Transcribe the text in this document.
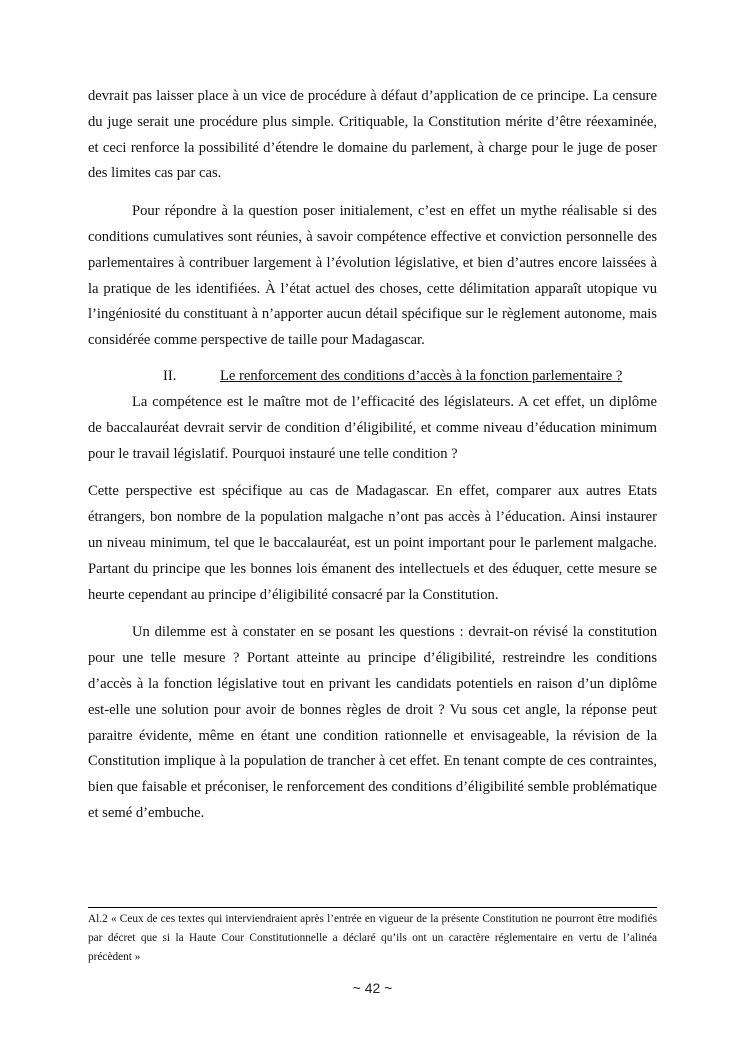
devrait pas laisser place à un vice de procédure à défaut d’application de ce principe. La censure du juge serait une procédure plus simple. Critiquable, la Constitution mérite d’être réexaminée, et ceci renforce la possibilité d’étendre le domaine du parlement, à charge pour le juge de poser des limites cas par cas.

Pour répondre à la question poser initialement, c’est en effet un mythe réalisable si des conditions cumulatives sont réunies, à savoir compétence effective et conviction personnelle des parlementaires à contribuer largement à l’évolution législative, et bien d’autres encore laissées à la pratique de les identifiées. À l’état actuel des choses, cette délimitation apparaît utopique vu l’ingéniosité du constituant à n’apporter aucun détail spécifique sur le règlement autonome, mais considérée comme perspective de taille pour Madagascar.

II.	Le renforcement des conditions d’accès à la fonction parlementaire ?

La compétence est le maître mot de l’efficacité des législateurs. A cet effet, un diplôme de baccalauréat devrait servir de condition d’éligibilité, et comme niveau d’éducation minimum pour le travail législatif. Pourquoi instauré une telle condition ?

Cette perspective est spécifique au cas de Madagascar. En effet, comparer aux autres Etats étrangers, bon nombre de la population malgache n’ont pas accès à l’éducation. Ainsi instaurer un niveau minimum, tel que le baccalauréat, est un point important pour le parlement malgache. Partant du principe que les bonnes lois émanent des intellectuels et des éduquer, cette mesure se heurte cependant au principe d’éligibilité consacré par la Constitution.

Un dilemme est à constater en se posant les questions : devrait-on révisé la constitution pour une telle mesure ? Portant atteinte au principe d’éligibilité, restreindre les conditions d’accès à la fonction législative tout en privant les candidats potentiels en raison d’un diplôme est-elle une solution pour avoir de bonnes règles de droit ? Vu sous cet angle, la réponse peut paraitre évidente, même en étant une condition rationnelle et envisageable, la révision de la Constitution implique à la population de trancher à cet effet. En tenant compte de ces contraintes, bien que faisable et préconiser, le renforcement des conditions d’éligibilité semble problématique et semé d’embuche.

Al.2 « Ceux de ces textes qui interviendraient après l’entrée en vigueur de la présente Constitution ne pourront être modifiés par décret que si la Haute Cour Constitutionnelle a déclaré qu’ils ont un caractère réglementaire en vertu de l’alinéa précèdent »

~ 42 ~
